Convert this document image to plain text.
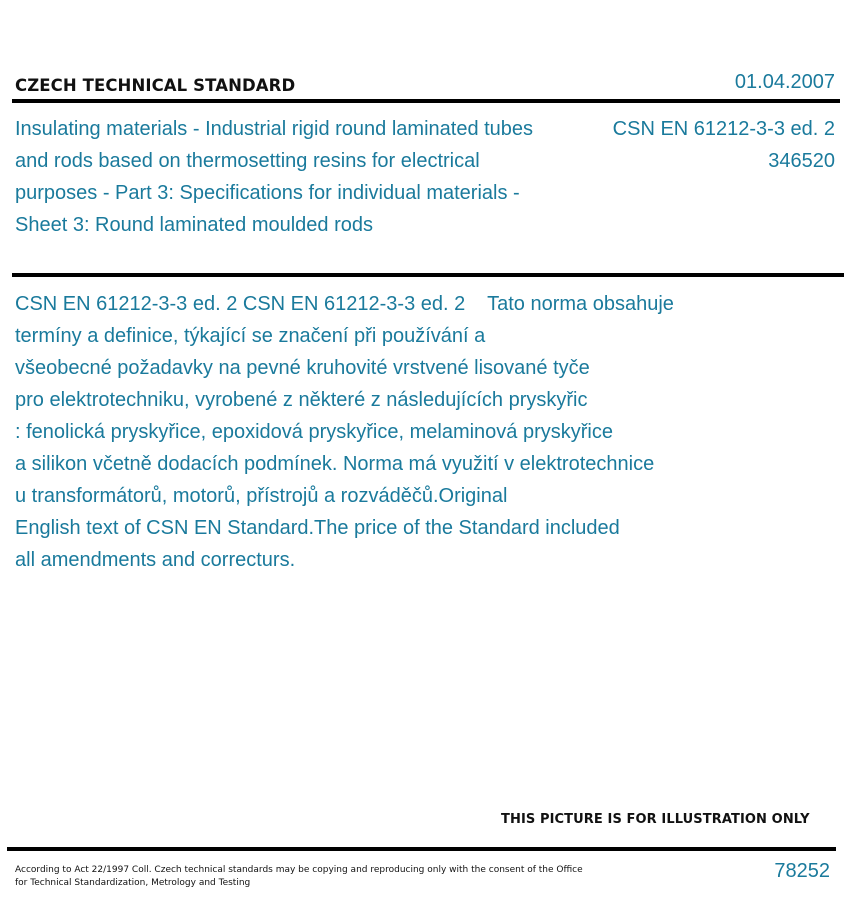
CZECH TECHNICAL STANDARD	01.04.2007
Insulating materials - Industrial rigid round laminated tubes and rods based on thermosetting resins for electrical purposes - Part 3: Specifications for individual materials - Sheet 3: Round laminated moulded rods
CSN EN 61212-3-3 ed. 2
346520
CSN EN 61212-3-3 ed. 2 CSN EN 61212-3-3 ed. 2    Tato norma obsahuje
termíny a definice, týkající se značení při používání a
všeobecné požadavky na pevné kruhovité vrstvené lisované tyče
pro elektrotechniku, vyrobené z některé z následujících pryskyřic
: fenolická pryskyřice, epoxidová pryskyřice, melaminová pryskyřice
a silikon včetně dodacích podmínek. Norma má využití v elektrotechnice
u transformátorů, motorů, přístrojů a rozváděčů.Original
English text of CSN EN Standard.The price of the Standard included
all amendments and correcturs.
THIS PICTURE IS FOR ILLUSTRATION ONLY
According to Act 22/1997 Coll. Czech technical standards may be copying and reproducing only with the consent of the Office
for Technical Standardization, Metrology and Testing
78252
